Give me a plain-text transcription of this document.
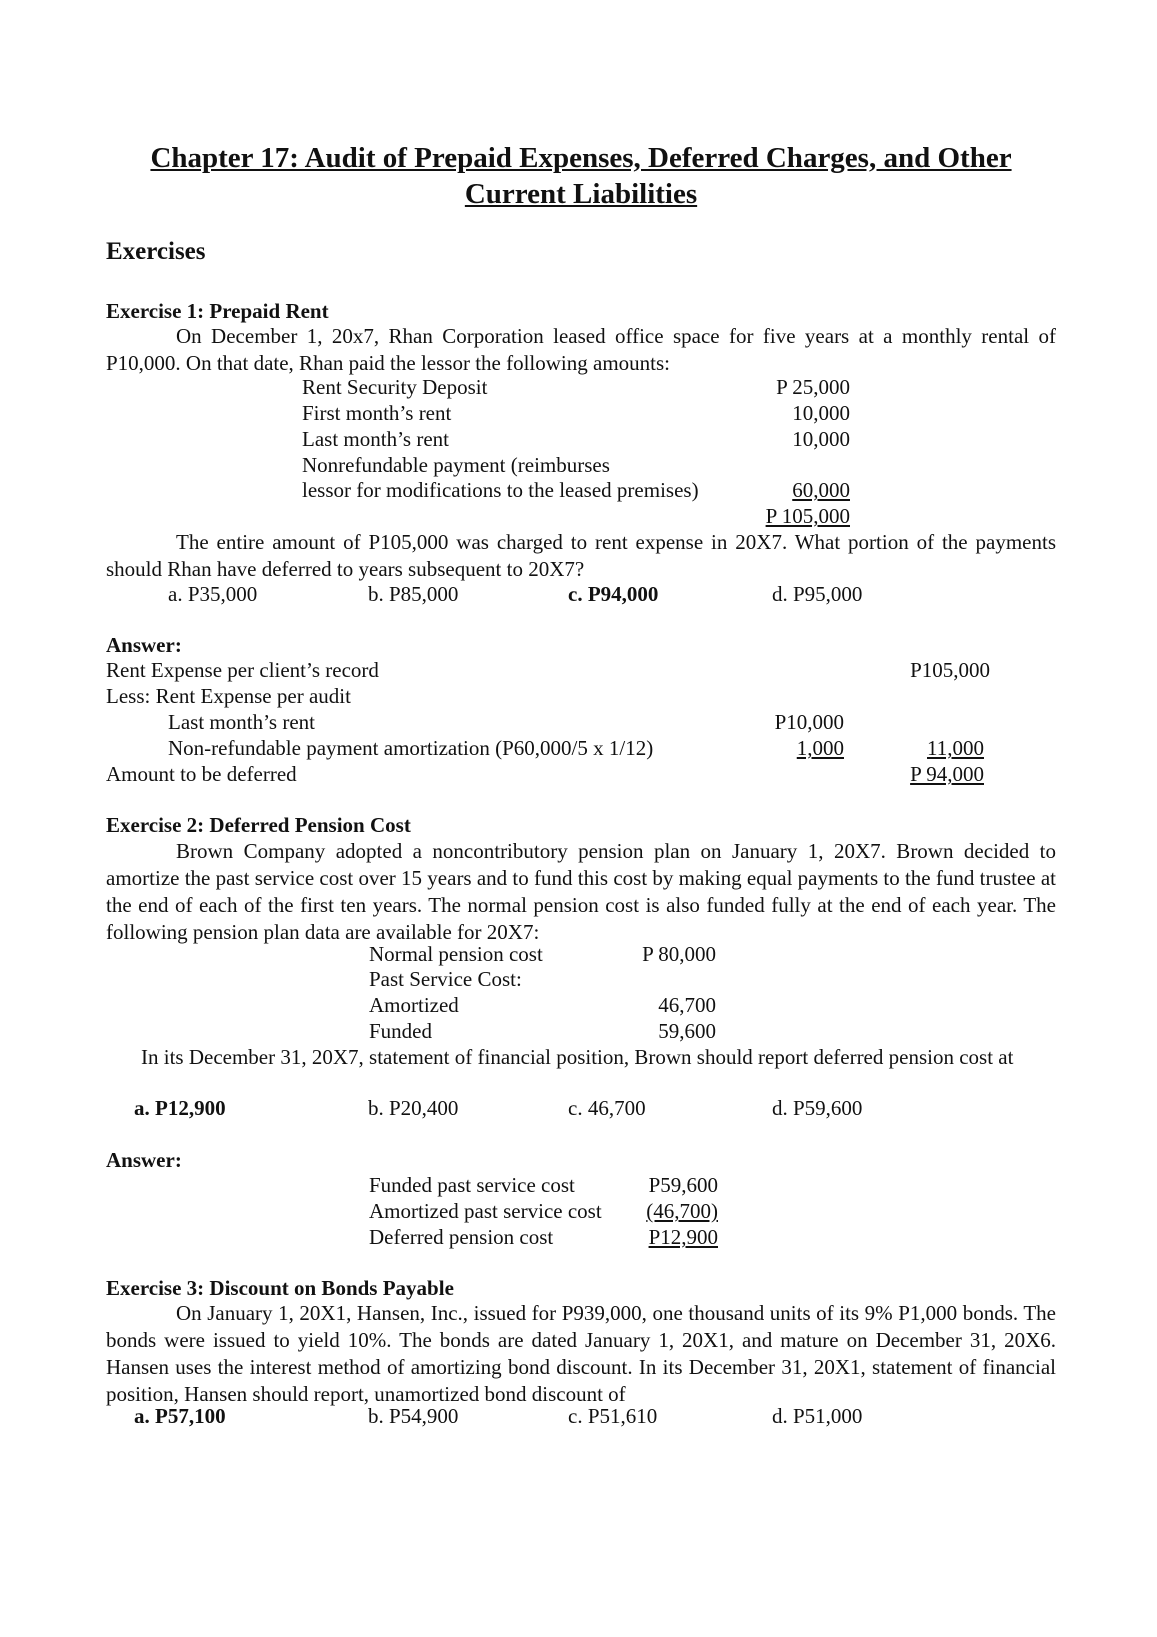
Chapter 17: Audit of Prepaid Expenses, Deferred Charges, and Other
Current Liabilities
Exercises
Exercise 1: Prepaid Rent
On December 1, 20x7, Rhan Corporation leased office space for five years at a monthly rental of P10,000. On that date, Rhan paid the lessor the following amounts:
Rent Security Deposit	P 25,000
First month’s rent	10,000
Last month’s rent	10,000
Nonrefundable payment (reimburses
lessor for modifications to the leased premises)	60,000
P 105,000
The entire amount of P105,000 was charged to rent expense in 20X7. What portion of the payments should Rhan have deferred to years subsequent to 20X7?
a. P35,000	b. P85,000	c. P94,000	d. P95,000
Answer:
Rent Expense per client’s record	P105,000
Less: Rent Expense per audit
Last month’s rent	P10,000
Non-refundable payment amortization (P60,000/5 x 1/12)	1,000	11,000
Amount to be deferred	P 94,000
Exercise 2: Deferred Pension Cost
Brown Company adopted a noncontributory pension plan on January 1, 20X7. Brown decided to amortize the past service cost over 15 years and to fund this cost by making equal payments to the fund trustee at the end of each of the first ten years. The normal pension cost is also funded fully at the end of each year. The following pension plan data are available for 20X7:
Normal pension cost	P 80,000
Past Service Cost:
Amortized	46,700
Funded	59,600
In its December 31, 20X7, statement of financial position, Brown should report deferred pension cost at
a. P12,900	b. P20,400	c. 46,700	d. P59,600
Answer:
Funded past service cost	P59,600
Amortized past service cost	(46,700)
Deferred pension cost	P12,900
Exercise 3: Discount on Bonds Payable
On January 1, 20X1, Hansen, Inc., issued for P939,000, one thousand units of its 9% P1,000 bonds. The bonds were issued to yield 10%. The bonds are dated January 1, 20X1, and mature on December 31, 20X6. Hansen uses the interest method of amortizing bond discount. In its December 31, 20X1, statement of financial position, Hansen should report, unamortized bond discount of
a. P57,100	b. P54,900	c. P51,610	d. P51,000
